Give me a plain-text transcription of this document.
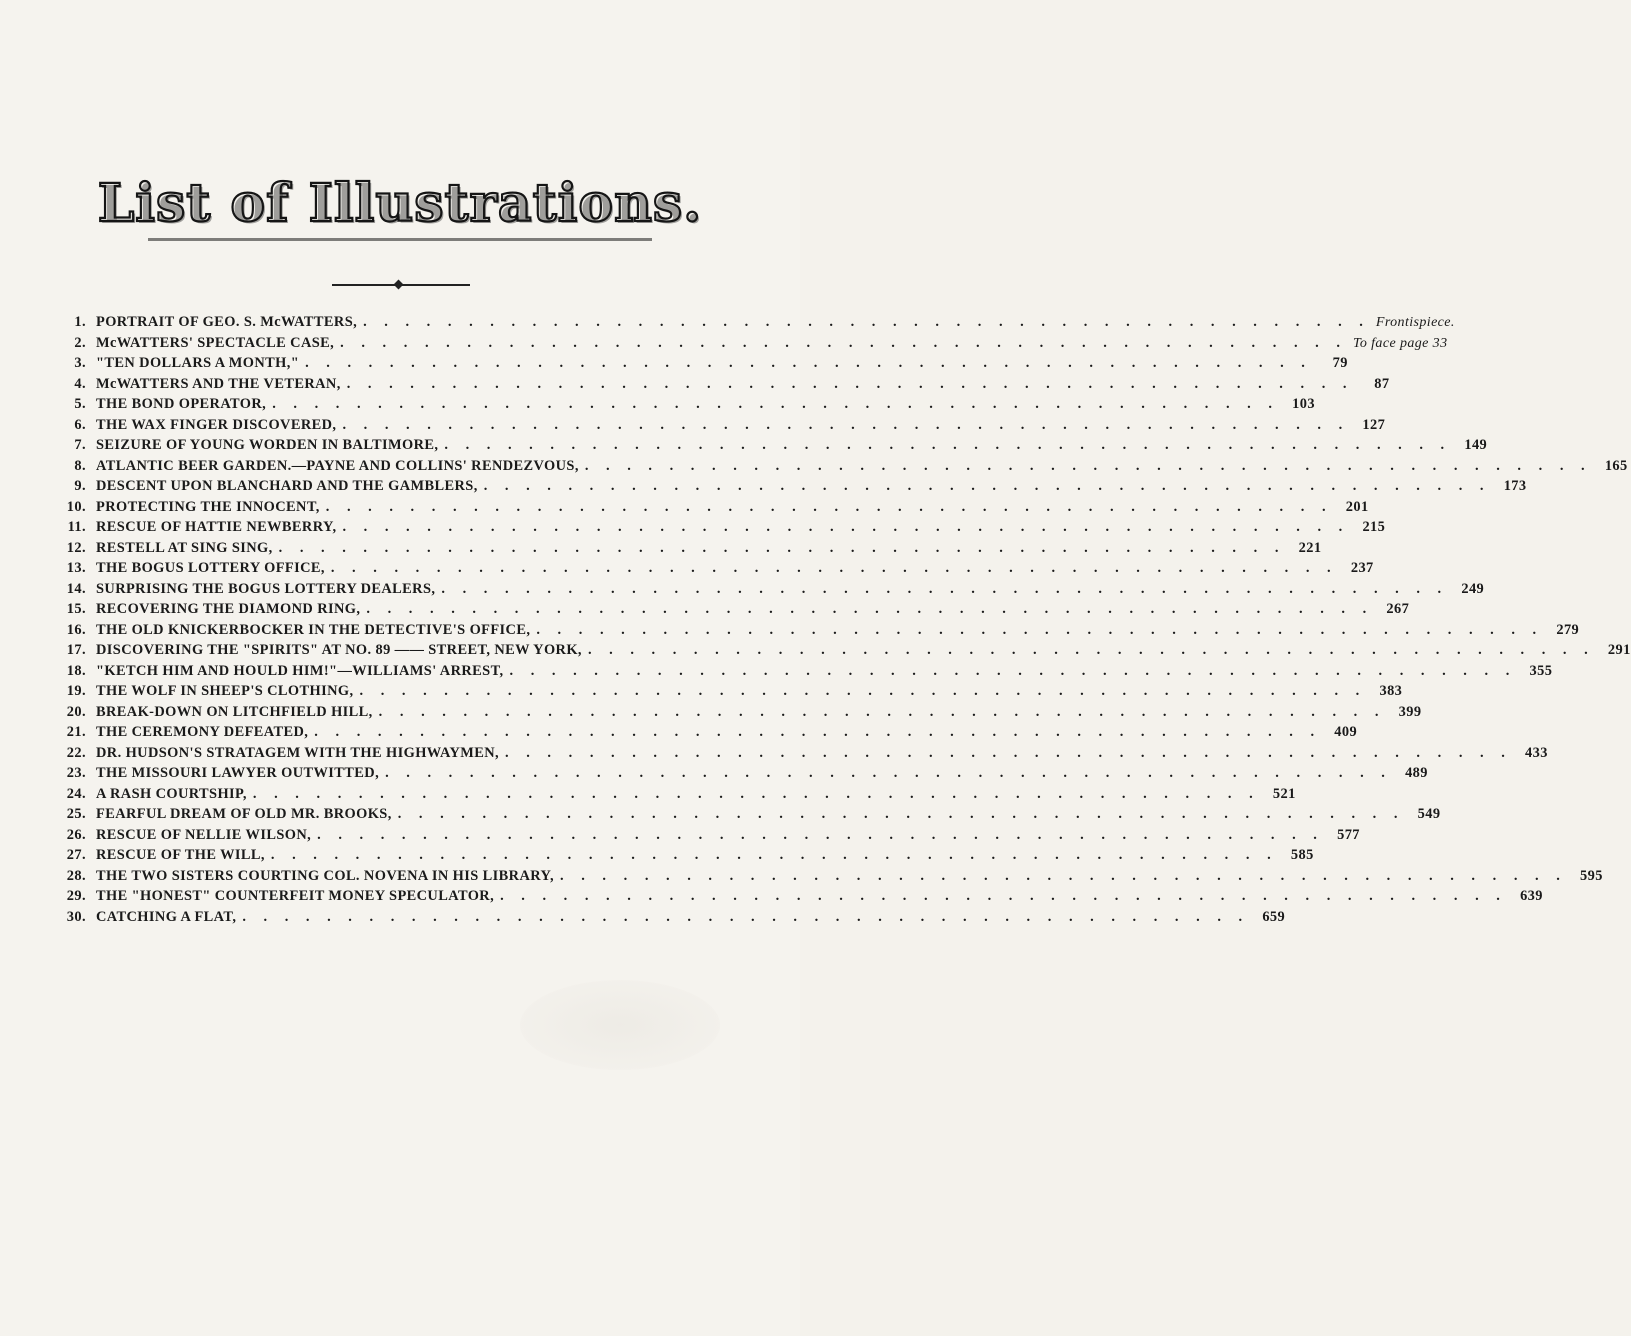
List of Illustrations.
1. PORTRAIT OF GEO. S. McWATTERS, . . . . . . . . . . . . . . . . . . . . . . . . . . . . . . . . . . . . . . . . . . . . . . . . Frontispiece.
2. McWATTERS' SPECTACLE CASE, . . . . . . . . . . . . . . . . . . . . . . . . . . . . . . . . . . . . . . . . . . . . . . . . To face page 33
3. "TEN DOLLARS A MONTH," . . . . . . . . . . . . . . . . . . . . . . . . . . . . . . . . . . . . . . . . . . . . . . . .	79
4. McWATTERS AND THE VETERAN, . . . . . . . . . . . . . . . . . . . . . . . . . . . . . . . . . . . . . . . . . . . . . . . .	87
5. THE BOND OPERATOR, . . . . . . . . . . . . . . . . . . . . . . . . . . . . . . . . . . . . . . . . . . . . . . . . 103
6. THE WAX FINGER DISCOVERED, . . . . . . . . . . . . . . . . . . . . . . . . . . . . . . . . . . . . . . . . . . . . . . . . 127
7. SEIZURE OF YOUNG WORDEN IN BALTIMORE, . . . . . . . . . . . . . . . . . . . . . . . . . . . . . . . . . . . . . . . . . . . . . . . . 149
8. ATLANTIC BEER GARDEN.—PAYNE AND COLLINS' RENDEZVOUS, . . . . . . . . . . . . . . . . . . . . . . . . . . . . . . . . . . . . . . . . . . . . . . . . 165
9. DESCENT UPON BLANCHARD AND THE GAMBLERS, . . . . . . . . . . . . . . . . . . . . . . . . . . . . . . . . . . . . . . . . . . . . . . . . 173
10. PROTECTING THE INNOCENT, . . . . . . . . . . . . . . . . . . . . . . . . . . . . . . . . . . . . . . . . . . . . . . . . 201
11. RESCUE OF HATTIE NEWBERRY, . . . . . . . . . . . . . . . . . . . . . . . . . . . . . . . . . . . . . . . . . . . . . . . . 215
12. RESTELL AT SING SING, . . . . . . . . . . . . . . . . . . . . . . . . . . . . . . . . . . . . . . . . . . . . . . . . 221
13. THE BOGUS LOTTERY OFFICE, . . . . . . . . . . . . . . . . . . . . . . . . . . . . . . . . . . . . . . . . . . . . . . . . 237
14. SURPRISING THE BOGUS LOTTERY DEALERS, . . . . . . . . . . . . . . . . . . . . . . . . . . . . . . . . . . . . . . . . . . . . . . . . 249
15. RECOVERING THE DIAMOND RING, . . . . . . . . . . . . . . . . . . . . . . . . . . . . . . . . . . . . . . . . . . . . . . . . 267
16. THE OLD KNICKERBOCKER IN THE DETECTIVE'S OFFICE, . . . . . . . . . . . . . . . . . . . . . . . . . . . . . . . . . . . . . . . . . . . . . . . . 279
17. DISCOVERING THE "SPIRITS" AT NO. 89 —— STREET, NEW YORK, . . . . . . . . . . . . . . . . . . . . . . . . . . . . . . . . . . . . . . . . . . . . . . . . 291
18. "KETCH HIM AND HOULD HIM!"—WILLIAMS' ARREST, . . . . . . . . . . . . . . . . . . . . . . . . . . . . . . . . . . . . . . . . . . . . . . . . 355
19. THE WOLF IN SHEEP'S CLOTHING, . . . . . . . . . . . . . . . . . . . . . . . . . . . . . . . . . . . . . . . . . . . . . . . . 383
20. BREAK-DOWN ON LITCHFIELD HILL, . . . . . . . . . . . . . . . . . . . . . . . . . . . . . . . . . . . . . . . . . . . . . . . . 399
21. THE CEREMONY DEFEATED, . . . . . . . . . . . . . . . . . . . . . . . . . . . . . . . . . . . . . . . . . . . . . . . . 409
22. DR. HUDSON'S STRATAGEM WITH THE HIGHWAYMEN, . . . . . . . . . . . . . . . . . . . . . . . . . . . . . . . . . . . . . . . . . . . . . . . . 433
23. THE MISSOURI LAWYER OUTWITTED, . . . . . . . . . . . . . . . . . . . . . . . . . . . . . . . . . . . . . . . . . . . . . . . . 489
24. A RASH COURTSHIP, . . . . . . . . . . . . . . . . . . . . . . . . . . . . . . . . . . . . . . . . . . . . . . . . 521
25. FEARFUL DREAM OF OLD MR. BROOKS, . . . . . . . . . . . . . . . . . . . . . . . . . . . . . . . . . . . . . . . . . . . . . . . . 549
26. RESCUE OF NELLIE WILSON, . . . . . . . . . . . . . . . . . . . . . . . . . . . . . . . . . . . . . . . . . . . . . . . . 577
27. RESCUE OF THE WILL, . . . . . . . . . . . . . . . . . . . . . . . . . . . . . . . . . . . . . . . . . . . . . . . . 585
28. THE TWO SISTERS COURTING COL. NOVENA IN HIS LIBRARY, . . . . . . . . . . . . . . . . . . . . . . . . . . . . . . . . . . . . . . . . . . . . . . . . 595
29. THE "HONEST" COUNTERFEIT MONEY SPECULATOR, . . . . . . . . . . . . . . . . . . . . . . . . . . . . . . . . . . . . . . . . . . . . . . . . 639
30. CATCHING A FLAT, . . . . . . . . . . . . . . . . . . . . . . . . . . . . . . . . . . . . . . . . . . . . . . . . 659
